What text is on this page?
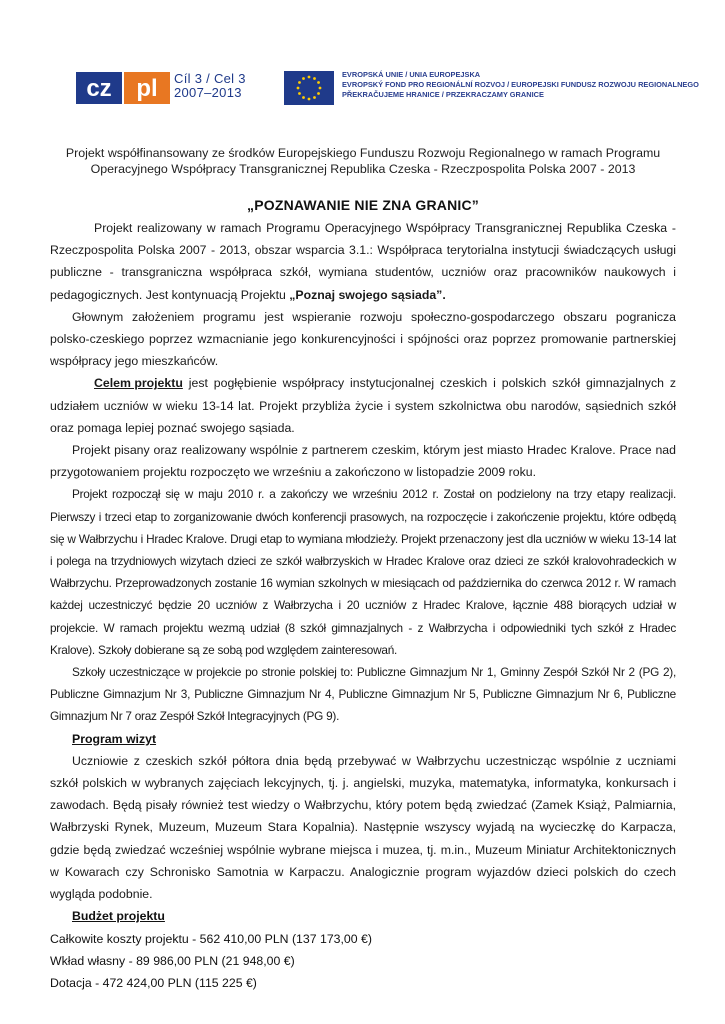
cz pl Cíl 3 / Cel 3
2007–2013
EVROPSKÁ UNIE / UNIA EUROPEJSKA
EVROPSKÝ FOND PRO REGIONÁLNÍ ROZVOJ / EUROPEJSKI FUNDUSZ ROZWOJU REGIONALNEGO
PŘEKRAČUJEME HRANICE / PRZEKRACZAMY GRANICE
Projekt współfinansowany ze środków Europejskiego Funduszu Rozwoju Regionalnego w ramach Programu
Operacyjnego Współpracy Transgranicznej Republika Czeska - Rzeczpospolita Polska 2007 - 2013
„POZNAWANIE NIE ZNA GRANIC”

Projekt realizowany w ramach Programu Operacyjnego Współpracy Transgranicznej Republika Czeska - Rzeczpospolita Polska 2007 - 2013, obszar wsparcia 3.1.: Współpraca terytorialna instytucji świadczących usługi publiczne - transgraniczna współpraca szkół, wymiana studentów, uczniów oraz pracowników naukowych i pedagogicznych. Jest kontynuacją Projektu „Poznaj swojego sąsiada”.

Głownym założeniem programu jest wspieranie rozwoju społeczno-gospodarczego obszaru pogranicza polsko-czeskiego poprzez wzmacnianie jego konkurencyjności i spójności oraz poprzez promowanie partnerskiej współpracy jego mieszkańców.

Celem projektu jest pogłębienie współpracy instytucjonalnej czeskich i polskich szkół gimnazjalnych z udziałem uczniów w wieku 13-14 lat. Projekt przybliża życie i system szkolnictwa obu narodów, sąsiednich szkół oraz pomaga lepiej poznać swojego sąsiada.

Projekt pisany oraz realizowany wspólnie z partnerem czeskim, którym jest miasto Hradec Kralove. Prace nad przygotowaniem projektu rozpoczęto we wrześniu a zakończono w listopadzie 2009 roku.

Projekt rozpoczął się w maju 2010 r. a zakończy we wrześniu 2012 r. Został on podzielony na trzy etapy realizacji. Pierwszy i trzeci etap to zorganizowanie dwóch konferencji prasowych, na rozpoczęcie i zakończenie projektu, które odbędą się w Wałbrzychu i Hradec Kralove. Drugi etap to wymiana młodzieży. Projekt przenaczony jest dla uczniów w wieku 13-14 lat i polega na trzydniowych wizytach dzieci ze szkół wałbrzyskich w Hradec Kralove oraz dzieci ze szkół kralovohradeckich w Wałbrzychu. Przeprowadzonych zostanie 16 wymian szkolnych w miesiącach od października do czerwca 2012 r. W ramach każdej uczestniczyć będzie 20 uczniów z Wałbrzycha i 20 uczniów z Hradec Kralove, łącznie 488 biorących udział w projekcie. W ramach projektu wezmą udział (8 szkół gimnazjalnych - z Wałbrzycha i odpowiedniki tych szkół z Hradec Kralove). Szkoły dobierane są ze sobą pod względem zainteresowań.

Szkoły uczestniczące w projekcie po stronie polskiej to: Publiczne Gimnazjum Nr 1, Gminny Zespół Szkół Nr 2 (PG 2), Publiczne Gimnazjum Nr 3, Publiczne Gimnazjum Nr 4, Publiczne Gimnazjum Nr 5, Publiczne Gimnazjum Nr 6, Publiczne Gimnazjum Nr 7 oraz Zespół Szkół Integracyjnych (PG 9).

Program wizyt

Uczniowie z czeskich szkół półtora dnia będą przebywać w Wałbrzychu uczestnicząc wspólnie z uczniami szkół polskich w wybranych zajęciach lekcyjnych, tj. j. angielski, muzyka, matematyka, informatyka, konkursach i zawodach. Będą pisały również test wiedzy o Wałbrzychu, który potem będą zwiedzać (Zamek Książ, Palmiarnia, Wałbrzyski Rynek, Muzeum, Muzeum Stara Kopalnia). Następnie wszyscy wyjadą na wycieczkę do Karpacza, gdzie będą zwiedzać wcześniej wspólnie wybrane miejsca i muzea, tj. m.in., Muzeum Miniatur Architektonicznych w Kowarach czy Schronisko Samotnia w Karpaczu. Analogicznie program wyjazdów dzieci polskich do czech wygląda podobnie.

Budżet projektu
Całkowite koszty projektu - 562 410,00 PLN (137 173,00 €)
Wkład własny - 89 986,00 PLN (21 948,00 €)
Dotacja - 472 424,00 PLN (115 225 €)
